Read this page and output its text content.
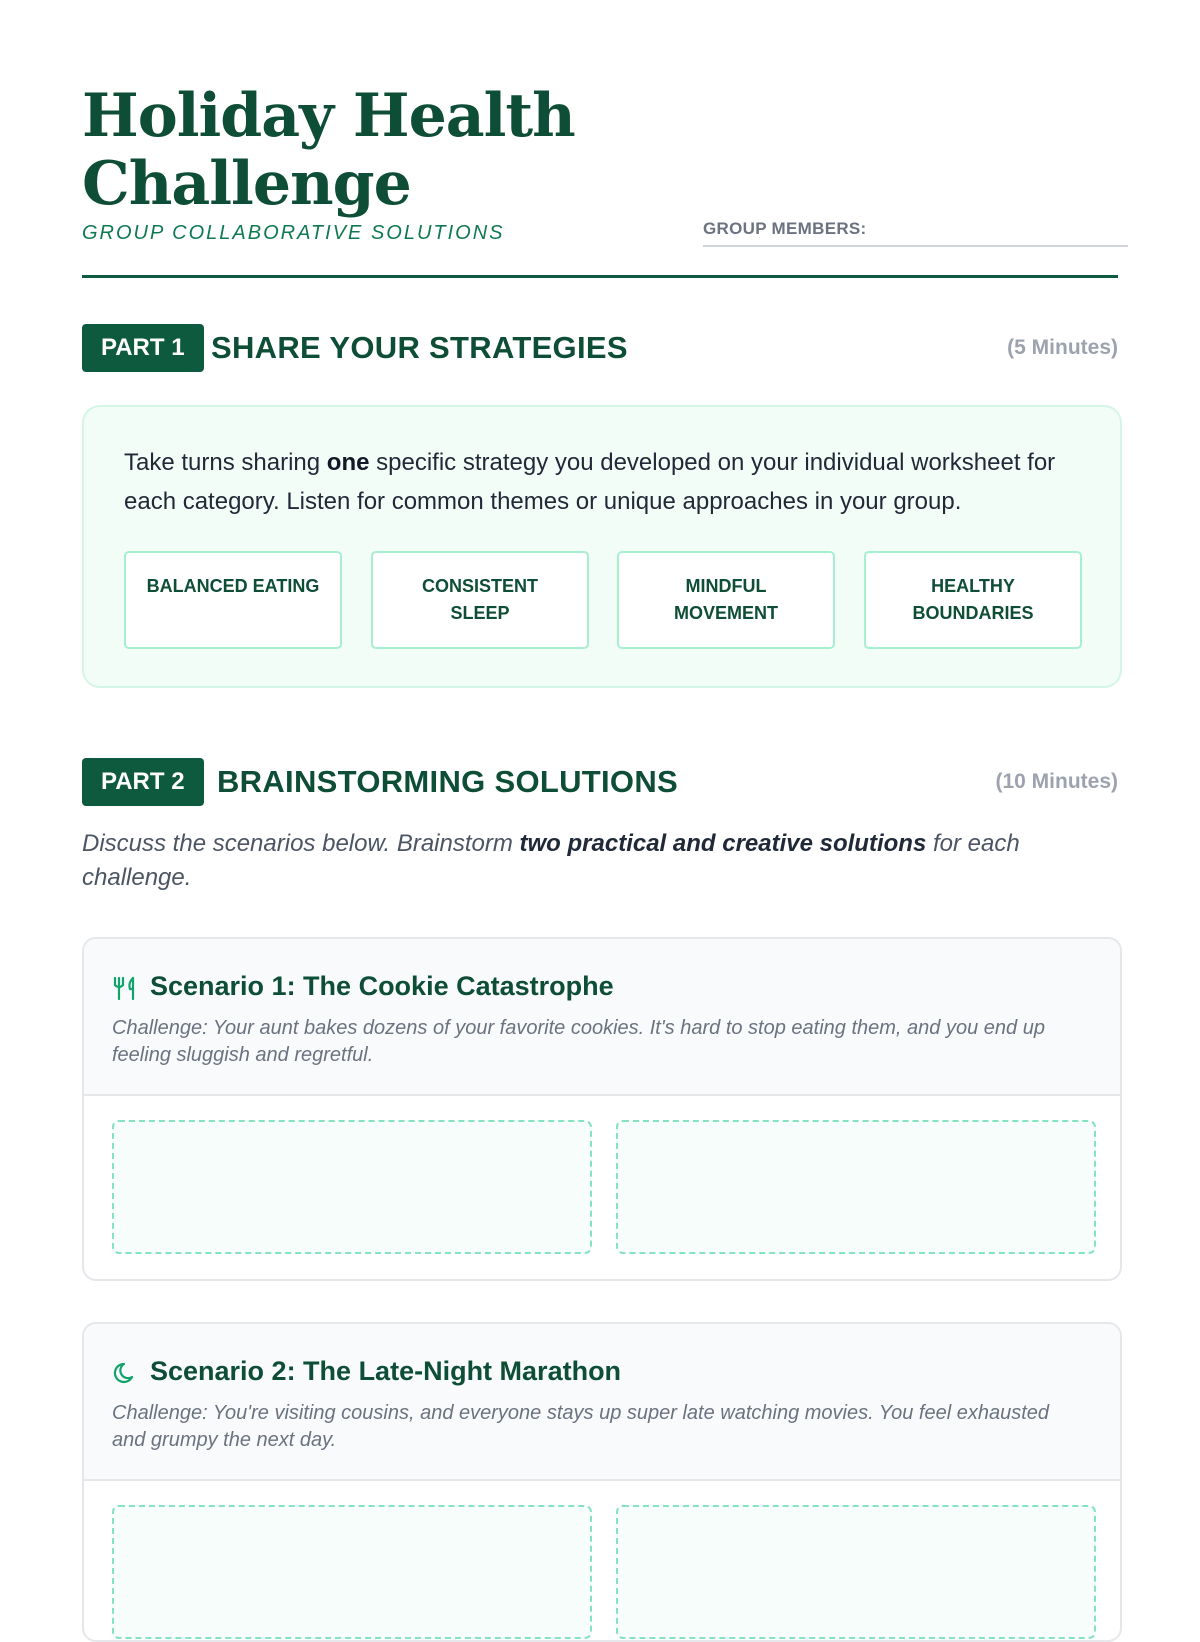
Holiday Health Challenge

GROUP COLLABORATIVE SOLUTIONS	GROUP MEMBERS:
PART 1 SHARE YOUR STRATEGIES	(5 Minutes)
Take turns sharing one specific strategy you developed on your individual worksheet for each category. Listen for common themes or unique approaches in your group.
BALANCED EATING	CONSISTENT
SLEEP
MINDFUL
MOVEMENT
HEALTHY
BOUNDARIES
PART 2	BRAINSTORMING SOLUTIONS	(10 Minutes)
Discuss the scenarios below. Brainstorm two practical and creative solutions for each challenge.
Scenario 1: The Cookie Catastrophe
Challenge: Your aunt bakes dozens of your favorite cookies. It's hard to stop eating them, and you end up feeling sluggish and regretful.
Scenario 2: The Late-Night Marathon
Challenge: You're visiting cousins, and everyone stays up super late watching movies. You feel exhausted and grumpy the next day.
